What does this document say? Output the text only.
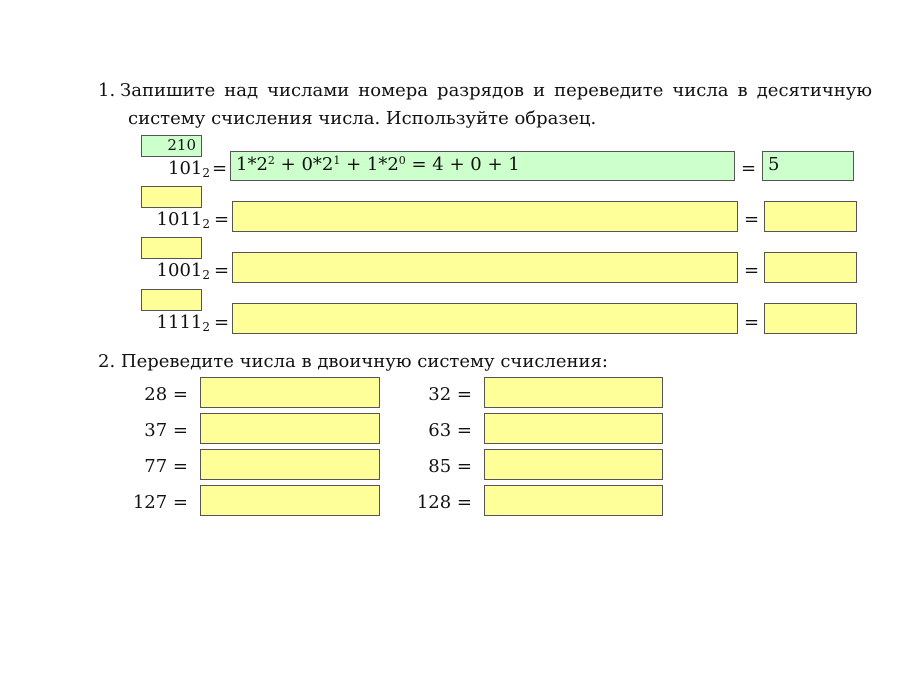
1. Запишите над числами номера разрядов и переведите числа в десятичную
систему счисления числа. Используйте образец.
210
$101_2 = 1*2^2 + 0*2^1 + 1*2^0 = 4 + 0 + 1$	= 5
$1011_2$ =	=
$1001_2$ =	=
$1111_2$ =	=
2. Переведите числа в двоичную систему счисления:
28 =
37 =
77 =
127 =
32 =
63 =
85 =
128 =
